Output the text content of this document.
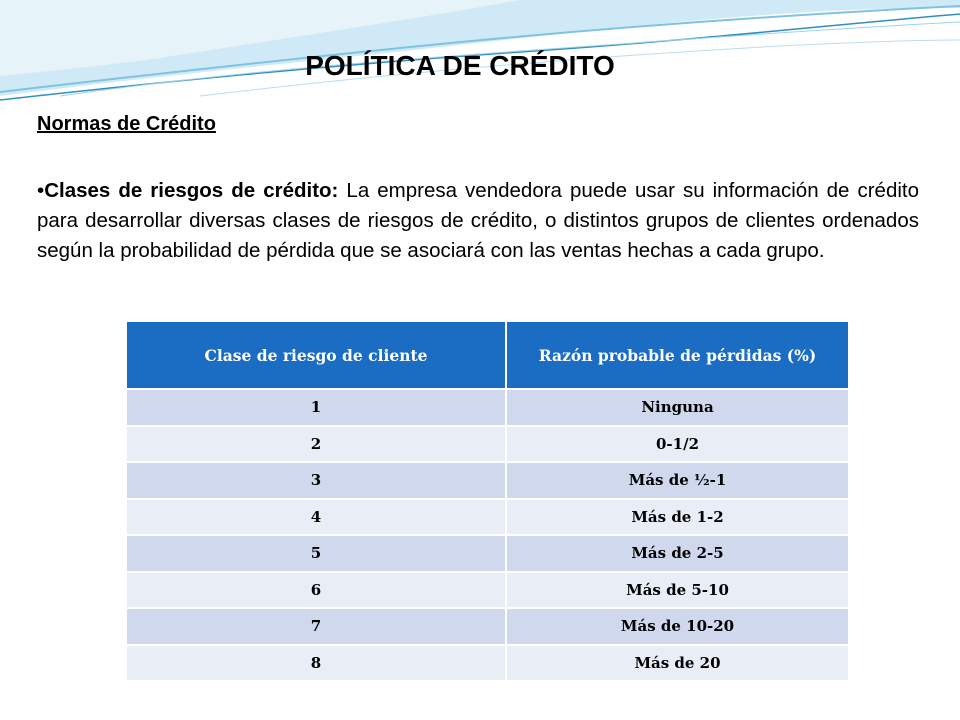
POLÍTICA DE CRÉDITO
Normas de Crédito

•Clases de riesgos de crédito: La empresa vendedora puede usar su información de crédito para desarrollar diversas clases de riesgos de crédito, o distintos grupos de clientes ordenados según la probabilidad de pérdida que se asociará con las ventas hechas a cada grupo.

Clase de riesgo de cliente	Razón probable de pérdidas (%)
1	Ninguna
2	0-1/2
3	Más de ½-1
4	Más de 1-2
5	Más de 2-5
6	Más de 5-10
7	Más de 10-20
8	Más de 20
